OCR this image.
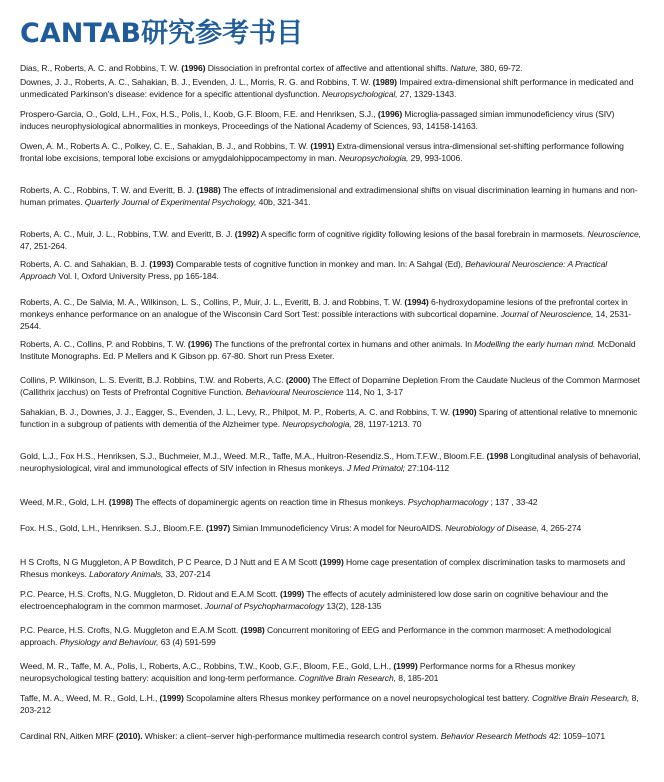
CANTAB研究参考书目
Dias, R., Roberts, A. C. and Robbins, T. W. (1996) Dissociation in prefrontal cortex of affective and attentional shifts. Nature, 380, 69-72.
Downes, J. J., Roberts, A. C., Sahakian, B. J., Evenden, J. L., Morris, R. G. and Robbins, T. W. (1989) Impaired extra-dimensional shift performance in medicated and unmedicated Parkinson's disease: evidence for a specific attentional dysfunction. Neuropsychological, 27, 1329-1343.
Prospero-Garcia, O., Gold, L.H., Fox, H.S., Polis, I., Koob, G.F. Bloom, F.E. and Henriksen, S.J., (1996) Microglia-passaged simian immunodeficiency virus (SIV) induces neurophysiological abnormalities in monkeys, Proceedings of the National Academy of Sciences, 93, 14158-14163.
Owen, A. M., Roberts A. C., Polkey, C. E., Sahakian, B. J., and Robbins, T. W. (1991) Extra-dimensional versus intra-dimensional set-shifting performance following frontal lobe excisions, temporal lobe excisions or amygdalohippocampectomy in man. Neuropsychologia, 29, 993-1006.
Roberts, A. C., Robbins, T. W. and Everitt, B. J. (1988) The effects of intradimensional and extradimensional shifts on visual discrimination learning in humans and non-human primates. Quarterly Journal of Experimental Psychology, 40b, 321-341.
Roberts, A. C., Muir, J. L., Robbins, T.W. and Everitt, B. J. (1992) A specific form of cognitive rigidity following lesions of the basal forebrain in marmosets. Neuroscience, 47, 251-264.
Roberts, A. C. and Sahakian, B. J. (1993) Comparable tests of cognitive function in monkey and man. In: A Sahgal (Ed), Behavioural Neuroscience: A Practical Approach Vol. I, Oxford University Press, pp 165-184.
Roberts, A. C., De Salvia, M. A., Wilkinson, L. S., Collins, P., Muir, J. L., Everitt, B. J. and Robbins, T. W. (1994) 6-hydroxydopamine lesions of the prefrontal cortex in monkeys enhance performance on an analogue of the Wisconsin Card Sort Test: possible interactions with subcortical dopamine. Journal of Neuroscience, 14, 2531- 2544.
Roberts, A. C., Collins, P. and Robbins, T. W. (1996) The functions of the prefrontal cortex in humans and other animals. In Modelling the early human mind. McDonald Institute Monographs. Ed. P Mellers and K Gibson pp. 67-80. Short run Press Exeter.
Collins, P. Wilkinson, L. S. Everitt, B.J. Robbins, T.W. and Roberts, A.C. (2000) The Effect of Dopamine Depletion From the Caudate Nucleus of the Common Marmoset (Callithrix jacchus) on Tests of Prefrontal Cognitive Function. Behavioural Neuroscience 114, No 1, 3-17
Sahakian, B. J., Downes, J. J., Eagger, S., Evenden, J. L., Levy, R., Philpot, M. P., Roberts, A. C. and Robbins, T. W. (1990) Sparing of attentional relative to mnemonic function in a subgroup of patients with dementia of the Alzheimer type. Neuropsychologia, 28, 1197-1213. 70
Gold, L.J., Fox H.S., Henriksen, S.J., Buchmeier, M.J., Weed. M.R., Taffe, M.A., Huitron-Resendiz.S., Hom.T.F.W., Bloom.F.E. (1998 Longitudinal analysis of behavorial, neurophysiological, viral and immunological effects of SIV infection in Rhesus monkeys. J Med Primatol; 27:104-112
Weed, M.R., Gold, L.H. (1998) The effects of dopaminergic agents on reaction time in Rhesus monkeys. Psychopharmacology ; 137 , 33-42
Fox. H.S., Gold, L.H., Henriksen. S.J., Bloom.F.E. (1997) Simian Immunodeficiency Virus: A model for NeuroAIDS. Neurobiology of Disease, 4, 265-274
H S Crofts, N G Muggleton, A P Bowditch, P C Pearce, D J Nutt and E A M Scott (1999) Home cage presentation of complex discrimination tasks to marmosets and Rhesus monkeys. Laboratory Animals, 33, 207-214
P.C. Pearce, H.S. Crofts, N.G. Muggleton, D. Ridout and E.A.M Scott. (1999) The effects of acutely administered low dose sarin on cognitive behaviour and the electroencephalogram in the common marmoset. Journal of Psychopharmacology 13(2), 128-135
P.C. Pearce, H.S. Crofts, N.G. Muggleton and E.A.M Scott. (1998) Concurrent monitoring of EEG and Performance in the common marmoset: A methodological approach. Physiology and Behaviour, 63 (4) 591-599
Weed, M. R., Taffe, M. A., Polis, I., Roberts, A.C., Robbins, T.W., Koob, G.F., Bloom, F.E., Gold, L.H., (1999) Performance norms for a Rhesus monkey neuropsychological testing battery: acquisition and long-term performance. Cognitive Brain Research, 8, 185-201
Taffe, M. A., Weed, M. R., Gold, L.H., (1999) Scopolamine alters Rhesus monkey performance on a novel neuropsychological test battery. Cognitive Brain Research, 8, 203-212
Cardinal RN, Aitken MRF (2010). Whisker: a client–server high-performance multimedia research control system. Behavior Research Methods 42: 1059–1071
